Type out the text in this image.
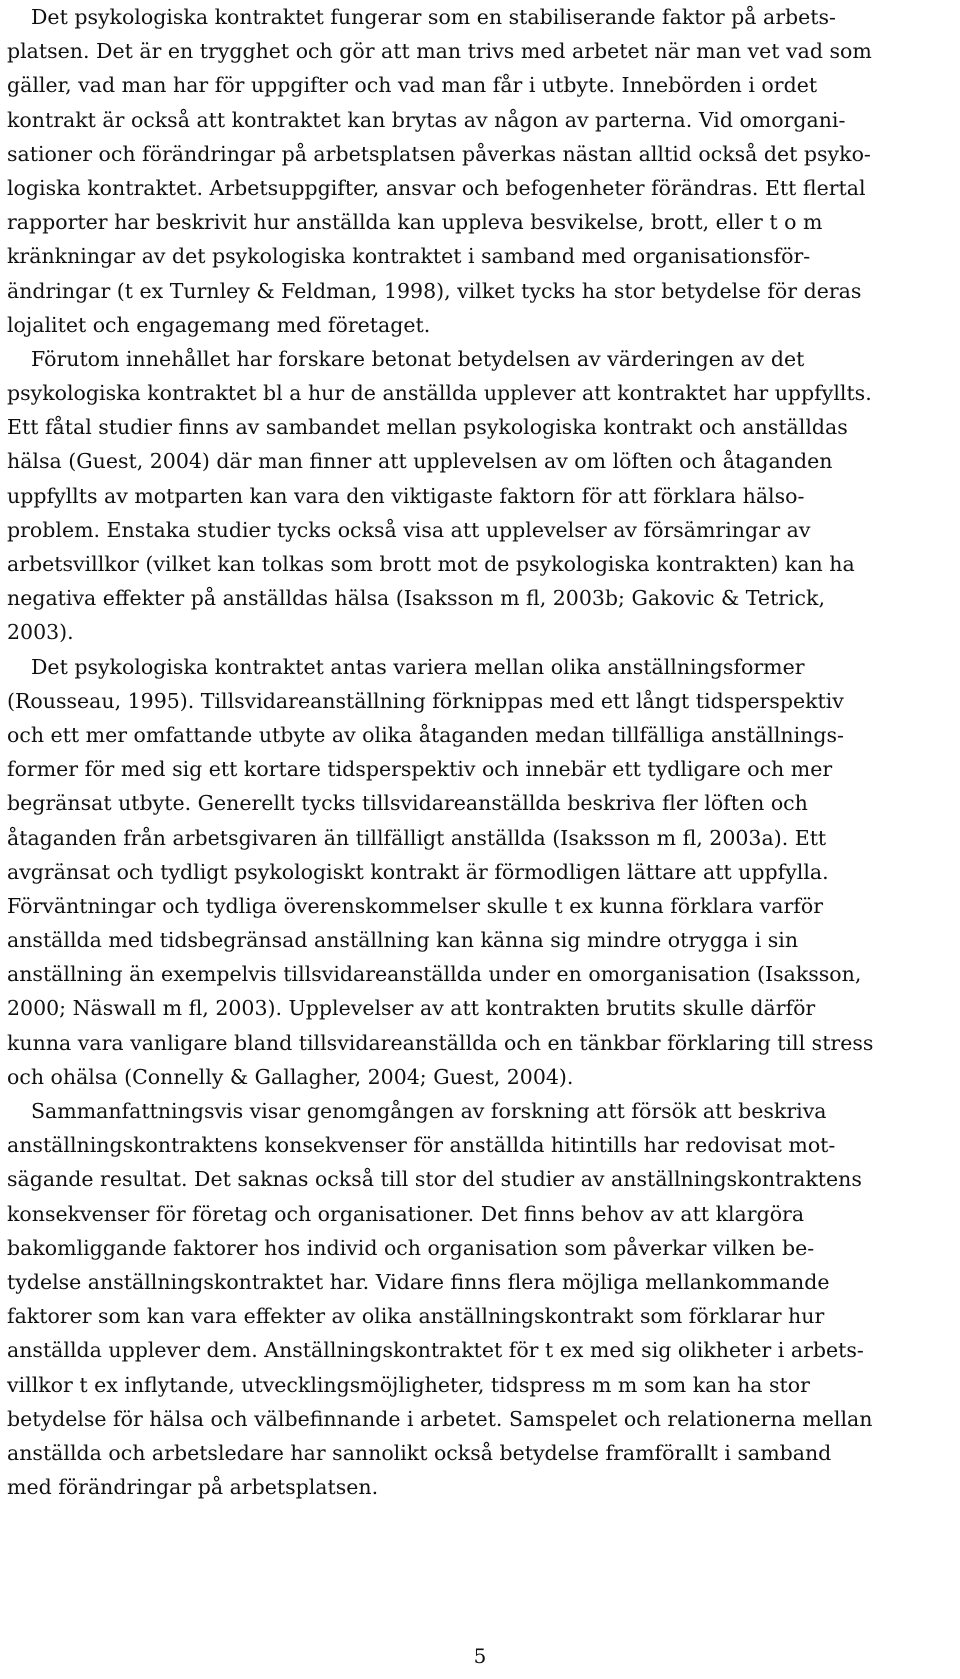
Det psykologiska kontraktet fungerar som en stabiliserande faktor på arbets-
platsen. Det är en trygghet och gör att man trivs med arbetet när man vet vad som
gäller, vad man har för uppgifter och vad man får i utbyte. Innebörden i ordet
kontrakt är också att kontraktet kan brytas av någon av parterna. Vid omorgani-
sationer och förändringar på arbetsplatsen påverkas nästan alltid också det psyko-
logiska kontraktet. Arbetsuppgifter, ansvar och befogenheter förändras. Ett flertal
rapporter har beskrivit hur anställda kan uppleva besvikelse, brott, eller t o m
kränkningar av det psykologiska kontraktet i samband med organisationsför-
ändringar (t ex Turnley & Feldman, 1998), vilket tycks ha stor betydelse för deras
lojalitet och engagemang med företaget.
Förutom innehållet har forskare betonat betydelsen av värderingen av det
psykologiska kontraktet bl a hur de anställda upplever att kontraktet har uppfyllts.
Ett fåtal studier finns av sambandet mellan psykologiska kontrakt och anställdas
hälsa (Guest, 2004) där man finner att upplevelsen av om löften och åtaganden
uppfyllts av motparten kan vara den viktigaste faktorn för att förklara hälso-
problem. Enstaka studier tycks också visa att upplevelser av försämringar av
arbetsvillkor (vilket kan tolkas som brott mot de psykologiska kontrakten) kan ha
negativa effekter på anställdas hälsa (Isaksson m fl, 2003b; Gakovic & Tetrick,
2003).
Det psykologiska kontraktet antas variera mellan olika anställningsformer
(Rousseau, 1995). Tillsvidareanställning förknippas med ett långt tidsperspektiv
och ett mer omfattande utbyte av olika åtaganden medan tillfälliga anställnings-
former för med sig ett kortare tidsperspektiv och innebär ett tydligare och mer
begränsat utbyte. Generellt tycks tillsvidareanställda beskriva fler löften och
åtaganden från arbetsgivaren än tillfälligt anställda (Isaksson m fl, 2003a). Ett
avgränsat och tydligt psykologiskt kontrakt är förmodligen lättare att uppfylla.
Förväntningar och tydliga överenskommelser skulle t ex kunna förklara varför
anställda med tidsbegränsad anställning kan känna sig mindre otrygga i sin
anställning än exempelvis tillsvidareanställda under en omorganisation (Isaksson,
2000; Näswall m fl, 2003). Upplevelser av att kontrakten brutits skulle därför
kunna vara vanligare bland tillsvidareanställda och en tänkbar förklaring till stress
och ohälsa (Connelly & Gallagher, 2004; Guest, 2004).
Sammanfattningsvis visar genomgången av forskning att försök att beskriva
anställningskontraktens konsekvenser för anställda hitintills har redovisat mot-
sägande resultat. Det saknas också till stor del studier av anställningskontraktens
konsekvenser för företag och organisationer. Det finns behov av att klargöra
bakomliggande faktorer hos individ och organisation som påverkar vilken be-
tydelse anställningskontraktet har. Vidare finns flera möjliga mellankommande
faktorer som kan vara effekter av olika anställningskontrakt som förklarar hur
anställda upplever dem. Anställningskontraktet för t ex med sig olikheter i arbets-
villkor t ex inflytande, utvecklingsmöjligheter, tidspress m m som kan ha stor
betydelse för hälsa och välbefinnande i arbetet. Samspelet och relationerna mellan
anställda och arbetsledare har sannolikt också betydelse framförallt i samband
med förändringar på arbetsplatsen.
5
